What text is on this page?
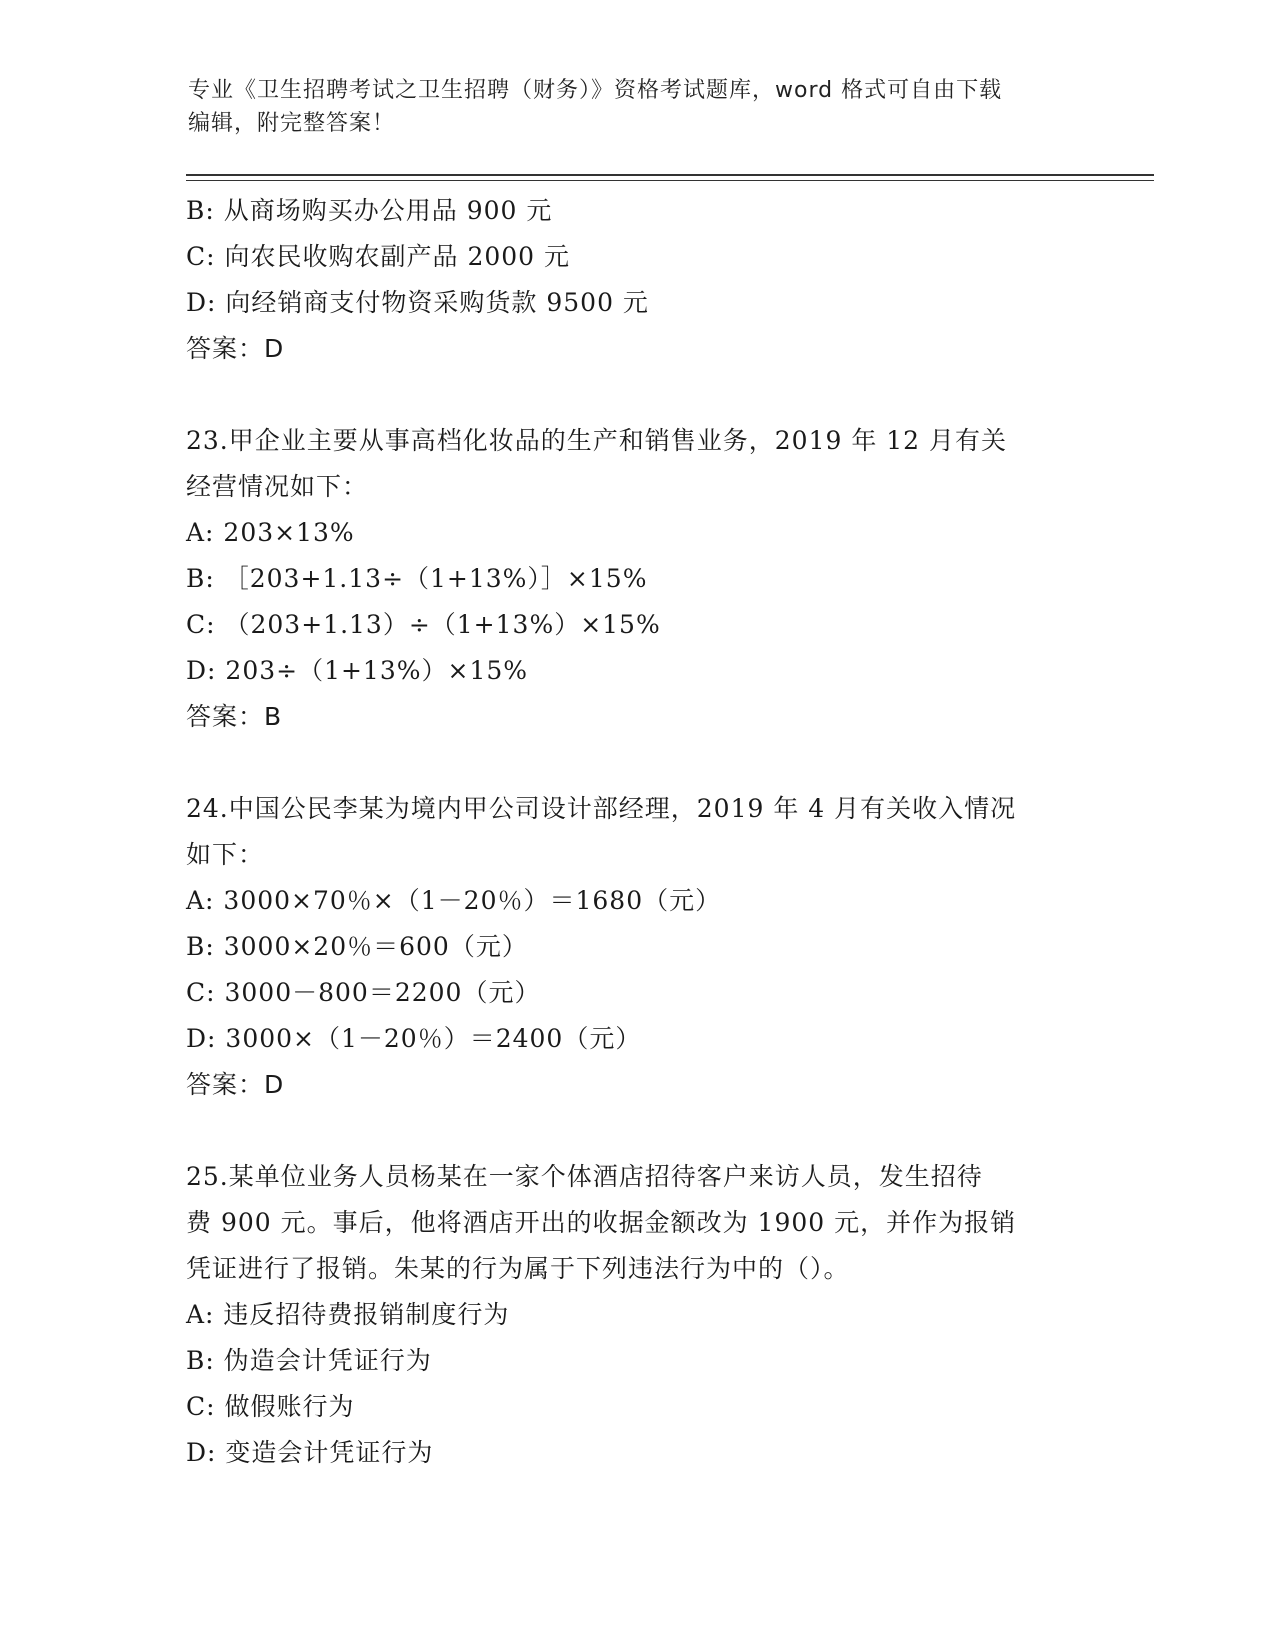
专业《卫生招聘考试之卫生招聘（财务）》资格考试题库，word 格式可自由下载
编辑，附完整答案！
B: 从商场购买办公用品 900 元
C: 向农民收购农副产品 2000 元
D: 向经销商支付物资采购货款 9500 元
答案：D
23.甲企业主要从事高档化妆品的生产和销售业务，2019 年 12 月有关
经营情况如下：
A: 203×13%
B: ［203+1.13÷（1+13%）］×15%
C: （203+1.13）÷（1+13%）×15%
D: 203÷（1+13%）×15%
答案：B
24.中国公民李某为境内甲公司设计部经理，2019 年 4 月有关收入情况
如下：
A: 3000×70％×（1－20％）＝1680（元）
B: 3000×20％＝600（元）
C: 3000－800＝2200（元）
D: 3000×（1－20％）＝2400（元）
答案：D
25.某单位业务人员杨某在一家个体酒店招待客户来访人员，发生招待
费 900 元。事后，他将酒店开出的收据金额改为 1900 元，并作为报销
凭证进行了报销。朱某的行为属于下列违法行为中的（）。
A: 违反招待费报销制度行为
B: 伪造会计凭证行为
C: 做假账行为
D: 变造会计凭证行为
